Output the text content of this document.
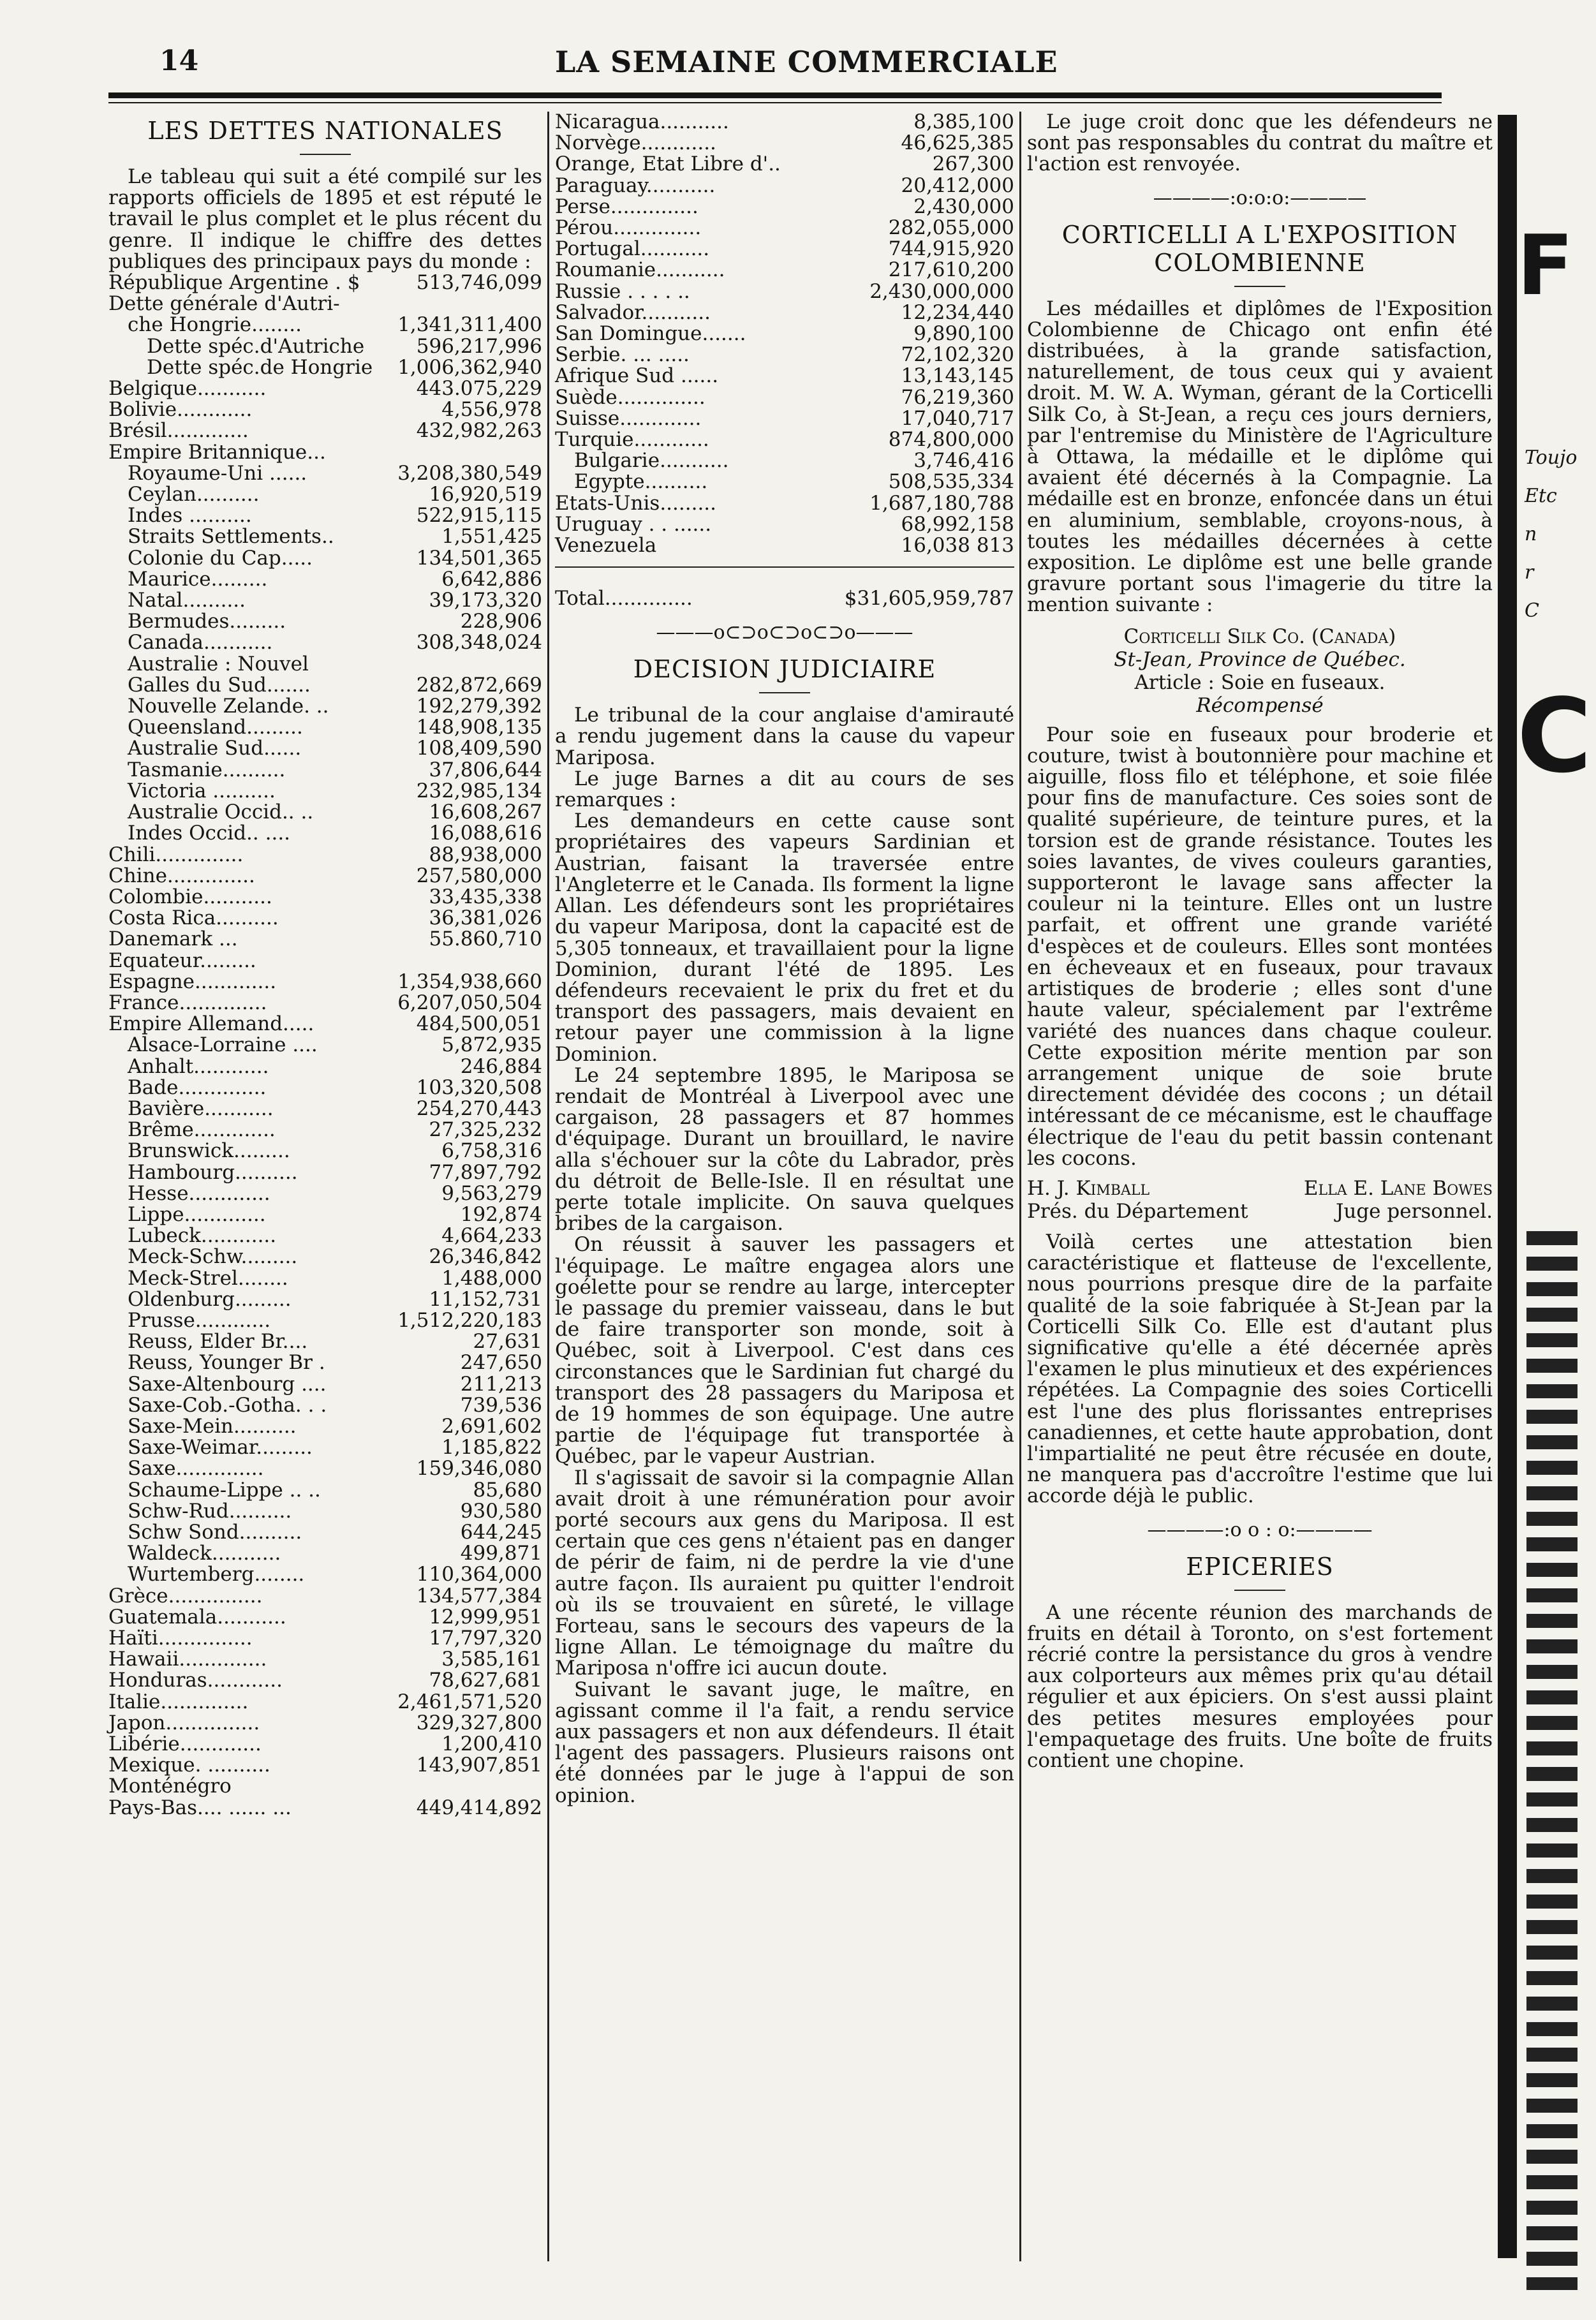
14	LA SEMAINE COMMERCIALE
LES DETTES NATIONALES

Le tableau qui suit a été compilé sur les rapports officiels de 1895 et est réputé le travail le plus complet et le plus récent du genre. Il indique le chiffre des dettes publiques des principaux pays du monde :

République Argentine . $	513,746,099
Dette générale d'Autri-
che Hongrie........	1,341,311,400
Dette spéc.d'Autriche	596,217,996
Dette spéc.de Hongrie	1,006,362,940
Belgique...........	443.075,229
Bolivie............	4,556,978
Brésil.............	432,982,263
Empire Britannique...
Royaume-Uni ......	3,208,380,549
Ceylan..........	16,920,519
Indes ..........	522,915,115
Straits Settlements..	1,551,425
Colonie du Cap.....	134,501,365
Maurice.........	6,642,886
Natal..........	39,173,320
Bermudes.........	228,906
Canada...........	308,348,024
Australie : Nouvel
Galles du Sud.......	282,872,669
Nouvelle Zelande. ..	192,279,392
Queensland.........	148,908,135
Australie Sud......	108,409,590
Tasmanie..........	37,806,644
Victoria ..........	232,985,134
Australie Occid.. ..	16,608,267
Indes Occid.. ....	16,088,616
Chili..............	88,938,000
Chine..............	257,580,000
Colombie...........	33,435,338
Costa Rica..........	36,381,026
Danemark ...	55.860,710
Equateur.........
Espagne.............	1,354,938,660
France..............	6,207,050,504
Empire Allemand.....	484,500,051
Alsace-Lorraine ....	5,872,935
Anhalt............	246,884
Bade..............	103,320,508
Bavière...........	254,270,443
Brême.............	27,325,232
Brunswick.........	6,758,316
Hambourg..........	77,897,792
Hesse.............	9,563,279
Lippe.............	192,874
Lubeck............	4,664,233
Meck-Schw.........	26,346,842
Meck-Strel........	1,488,000
Oldenburg.........	11,152,731
Prusse............	1,512,220,183
Reuss, Elder Br....	27,631
Reuss, Younger Br .	247,650
Saxe-Altenbourg ....	211,213
Saxe-Cob.-Gotha. . .	739,536
Saxe-Mein..........	2,691,602
Saxe-Weimar.........	1,185,822
Saxe..............	159,346,080
Schaume-Lippe .. ..	85,680
Schw-Rud..........	930,580
Schw Sond..........	644,245
Waldeck...........	499,871
Wurtemberg........	110,364,000
Grèce...............	134,577,384
Guatemala...........	12,999,951
Haïti...............	17,797,320
Hawaii..............	3,585,161
Honduras............	78,627,681
Italie..............	2,461,571,520
Japon...............	329,327,800
Libérie.............	1,200,410
Mexique. ..........	143,907,851
Monténégro
Pays-Bas.... ...... ...	449,414,892
Nicaragua...........	8,385,100
Norvège............	46,625,385
Orange, Etat Libre d'..	267,300
Paraguay...........	20,412,000
Perse..............	2,430,000
Pérou..............	282,055,000
Portugal...........	744,915,920
Roumanie...........	217,610,200
Russie . . . . ..	2,430,000,000
Salvador...........	12,234,440
San Domingue.......	9,890,100
Serbie. ... .....	72,102,320
Afrique Sud ......	13,143,145
Suède..............	76,219,360
Suisse.............	17,040,717
Turquie............	874,800,000
Bulgarie...........	3,746,416
Egypte..........	508,535,334
Etats-Unis.........	1,687,180,788
Uruguay . . ......	68,992,158
Venezuela	16,038 813
Total..............	$31,605,959,787
———o⊂⊃o⊂⊃o⊂⊃o———
DECISION JUDICIAIRE

Le tribunal de la cour anglaise d'amirauté a rendu jugement dans la cause du vapeur Mariposa.

Le juge Barnes a dit au cours de ses remarques :

Les demandeurs en cette cause sont propriétaires des vapeurs Sardinian et Austrian, faisant la traversée entre l'Angleterre et le Canada. Ils forment la ligne Allan. Les défendeurs sont les propriétaires du vapeur Mariposa, dont la capacité est de 5,305 tonneaux, et travaillaient pour la ligne Dominion, durant l'été de 1895. Les défendeurs recevaient le prix du fret et du transport des passagers, mais devaient en retour payer une commission à la ligne Dominion.

Le 24 septembre 1895, le Mariposa se rendait de Montréal à Liverpool avec une cargaison, 28 passagers et 87 hommes d'équipage. Durant un brouillard, le navire alla s'échouer sur la côte du Labrador, près du détroit de Belle-Isle. Il en résultat une perte totale implicite. On sauva quelques bribes de la cargaison.

On réussit à sauver les passagers et l'équipage. Le maître engagea alors une goélette pour se rendre au large, intercepter le passage du premier vaisseau, dans le but de faire transporter son monde, soit à Québec, soit à Liverpool. C'est dans ces circonstances que le Sardinian fut chargé du transport des 28 passagers du Mariposa et de 19 hommes de son équipage. Une autre partie de l'équipage fut transportée à Québec, par le vapeur Austrian.

Il s'agissait de savoir si la compagnie Allan avait droit à une rémunération pour avoir porté secours aux gens du Mariposa. Il est certain que ces gens n'étaient pas en danger de périr de faim, ni de perdre la vie d'une autre façon. Ils auraient pu quitter l'endroit où ils se trouvaient en sûreté, le village Forteau, sans le secours des vapeurs de la ligne Allan. Le témoignage du maître du Mariposa n'offre ici aucun doute.

Suivant le savant juge, le maître, en agissant comme il l'a fait, a rendu service aux passagers et non aux défendeurs. Il était l'agent des passagers. Plusieurs raisons ont été données par le juge à l'appui de son opinion.

Le juge croit donc que les défendeurs ne sont pas responsables du contrat du maître et l'action est renvoyée.

————:o:o:o:————
CORTICELLI A L'EXPOSITION COLOMBIENNE

Les médailles et diplômes de l'Exposition Colombienne de Chicago ont enfin été distribuées, à la grande satisfaction, naturellement, de tous ceux qui y avaient droit. M. W. A. Wyman, gérant de la Corticelli Silk Co, à St-Jean, a reçu ces jours derniers, par l'entremise du Ministère de l'Agriculture à Ottawa, la médaille et le diplôme qui avaient été décernés à la Compagnie. La médaille est en bronze, enfoncée dans un étui en aluminium, semblable, croyons-nous, à toutes les médailles décernées à cette exposition. Le diplôme est une belle grande gravure portant sous l'imagerie du titre la mention suivante :

Corticelli Silk Co. (Canada)
St-Jean, Province de Québec.
Article : Soie en fuseaux.
Récompensé

Pour soie en fuseaux pour broderie et couture, twist à boutonnière pour machine et aiguille, floss filo et téléphone, et soie filée pour fins de manufacture. Ces soies sont de qualité supérieure, de teinture pures, et la torsion est de grande résistance. Toutes les soies lavantes, de vives couleurs garanties, supporteront le lavage sans affecter la couleur ni la teinture. Elles ont un lustre parfait, et offrent une grande variété d'espèces et de couleurs. Elles sont montées en écheveaux et en fuseaux, pour travaux artistiques de broderie ; elles sont d'une haute valeur, spécialement par l'extrême variété des nuances dans chaque couleur. Cette exposition mérite mention par son arrangement unique de soie brute directement dévidée des cocons ; un détail intéressant de ce mécanisme, est le chauffage électrique de l'eau du petit bassin contenant les cocons.

H. J. Kimball	Ella E. Lane Bowes
Prés. du Département	Juge personnel.

Voilà certes une attestation bien caractéristique et flatteuse de l'excellente, nous pourrions presque dire de la parfaite qualité de la soie fabriquée à St-Jean par la Corticelli Silk Co. Elle est d'autant plus significative qu'elle a été décernée après l'examen le plus minutieux et des expériences répétées. La Compagnie des soies Corticelli est l'une des plus florissantes entreprises canadiennes, et cette haute approbation, dont l'impartialité ne peut être récusée en doute, ne manquera pas d'accroître l'estime que lui accorde déjà le public.

————:o o : o:————
EPICERIES

A une récente réunion des marchands de fruits en détail à Toronto, on s'est fortement récrié contre la persistance du gros à vendre aux colporteurs aux mêmes prix qu'au détail régulier et aux épiciers. On s'est aussi plaint des petites mesures employées pour l'empaquetage des fruits. Une boîte de fruits contient une chopine.

F
Toujo
Etc
n
r
C
C
